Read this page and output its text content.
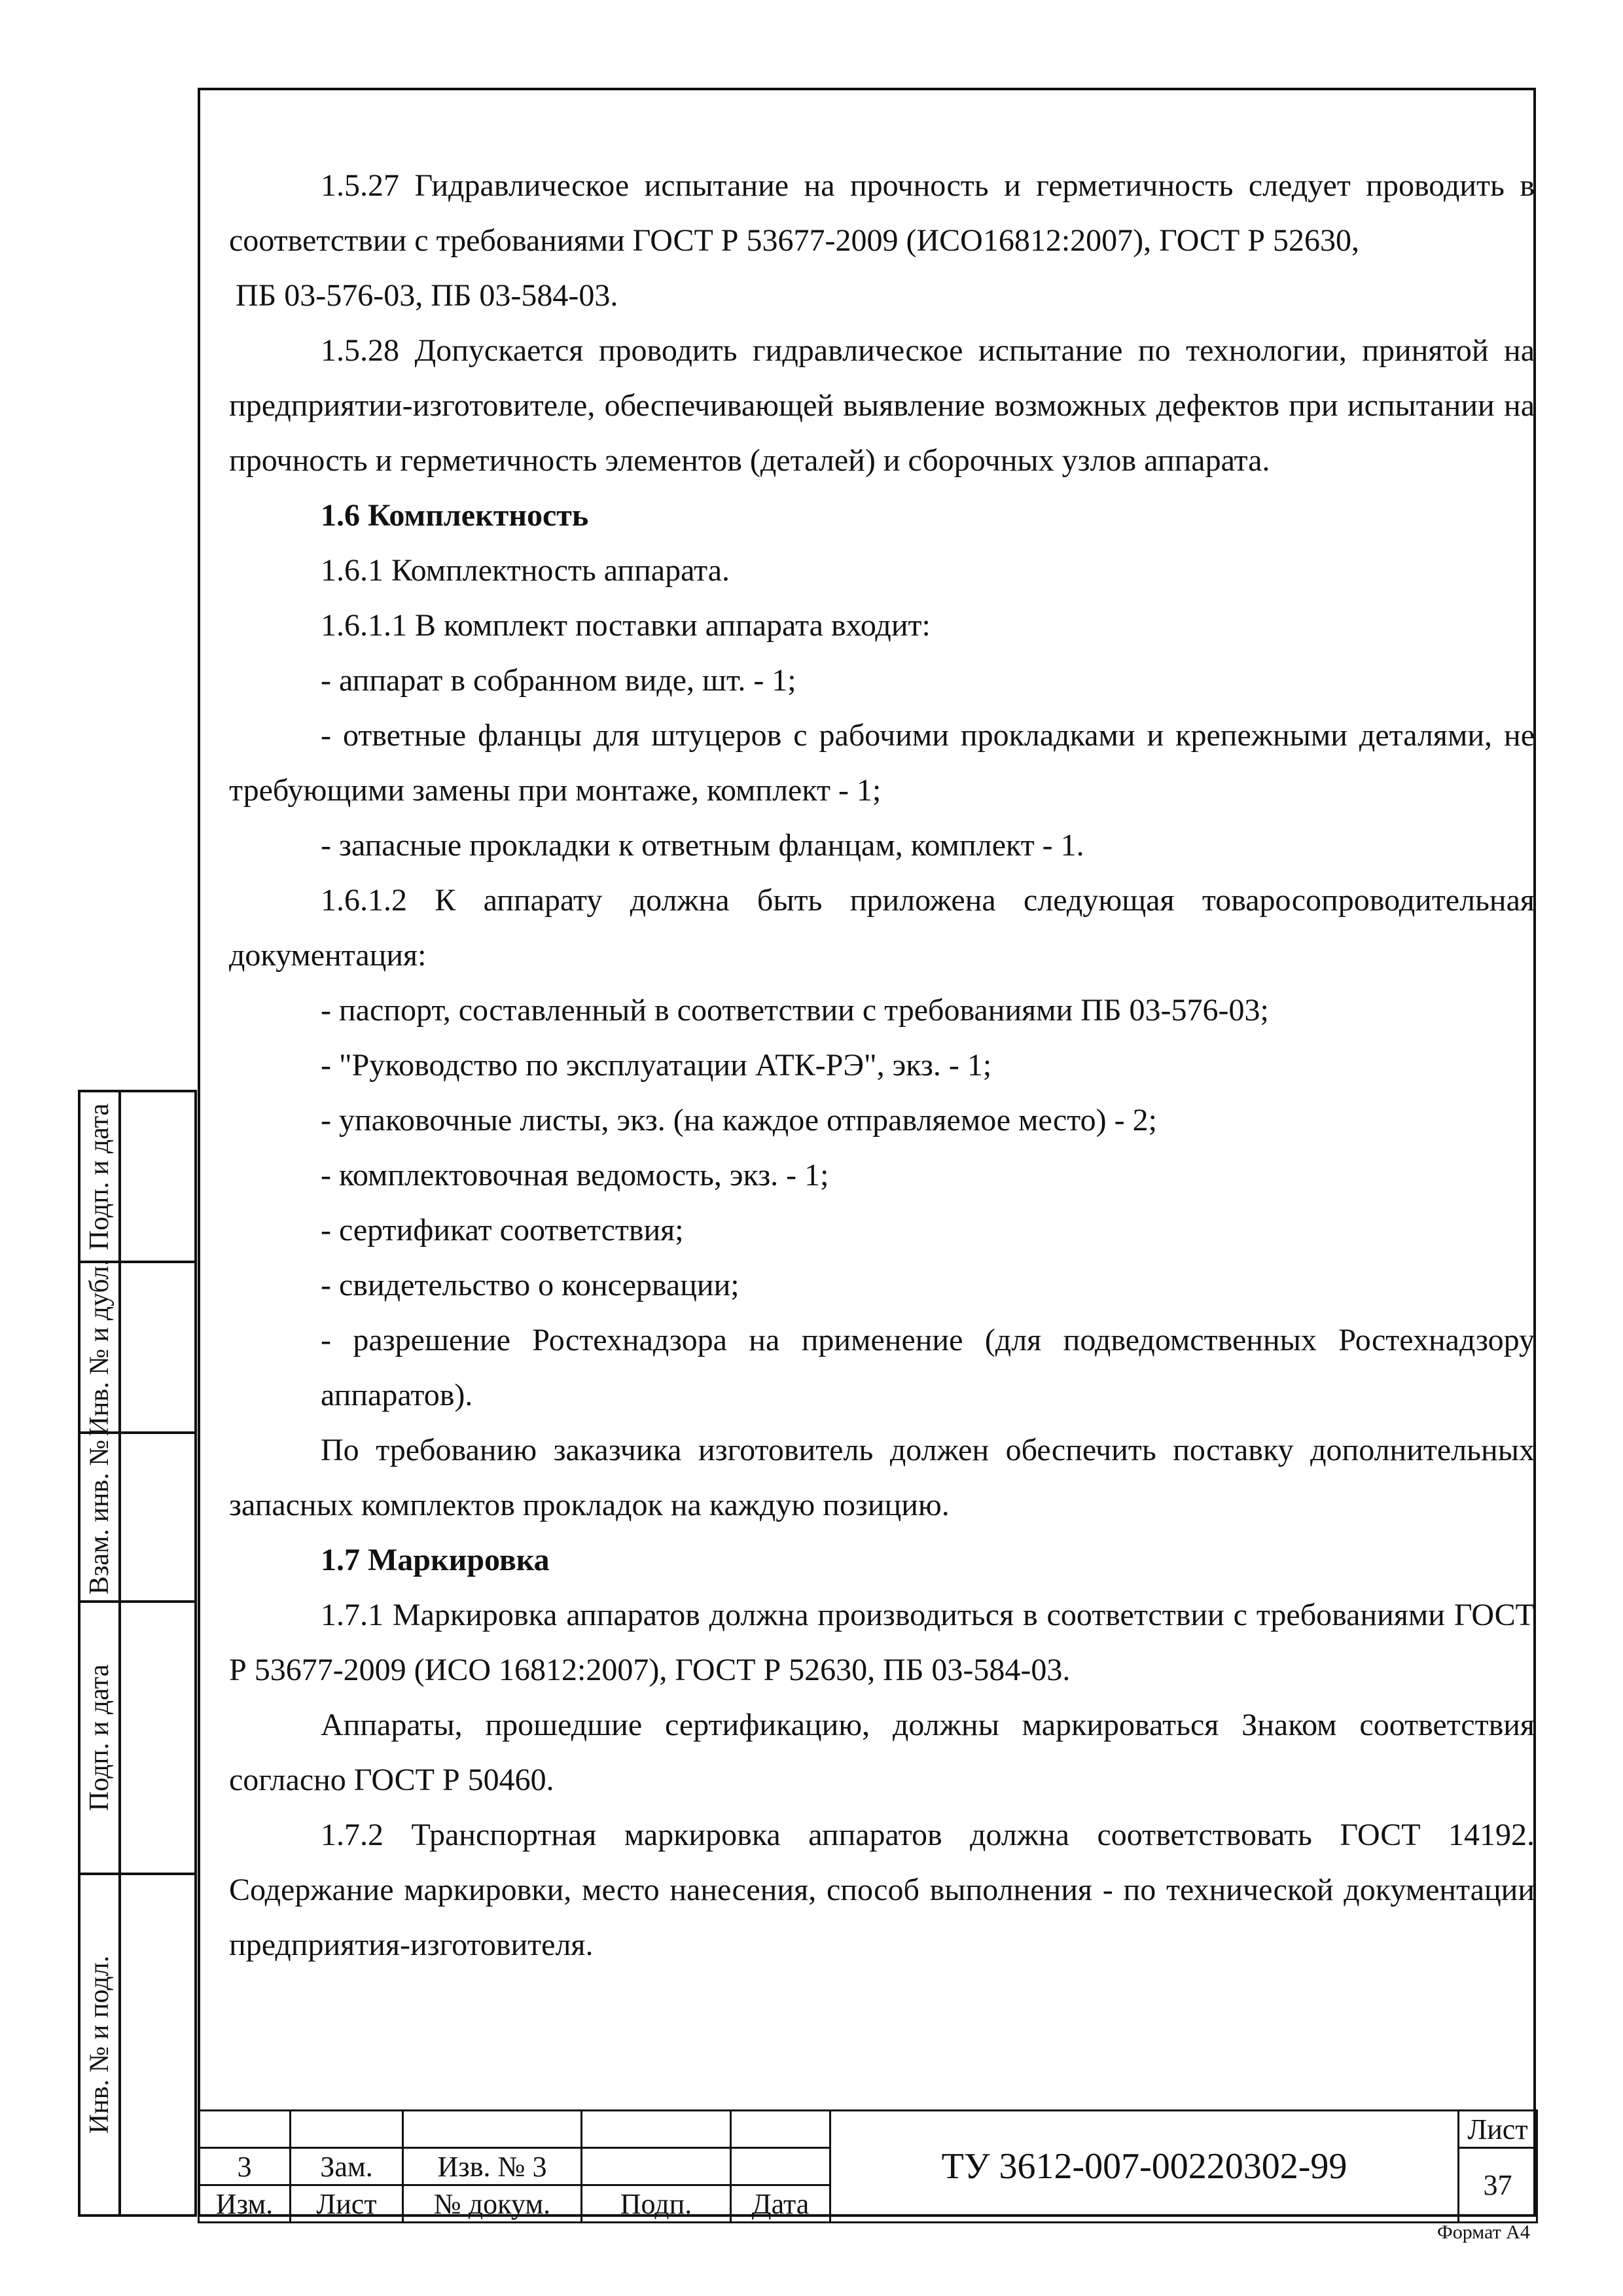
Подп. и дата
Инв. № и дубл.
Взам. инв. №
Подп. и дата
Инв. № и подл.

1.5.27 Гидравлическое испытание на прочность и герметичность следует проводить в соответствии с требованиями ГОСТ Р 53677-2009 (ИСО16812:2007), ГОСТ Р 52630,

ПБ 03-576-03, ПБ 03-584-03.

1.5.28 Допускается проводить гидравлическое испытание по технологии, принятой на предприятии-изготовителе, обеспечивающей выявление возможных дефектов при испытании на прочность и герметичность элементов (деталей) и сборочных узлов аппарата.

1.6 Комплектность

1.6.1 Комплектность аппарата.

1.6.1.1 В комплект поставки аппарата входит:

- аппарат в собранном виде, шт. - 1;

- ответные фланцы для штуцеров с рабочими прокладками и крепежными деталями, не требующими замены при монтаже, комплект - 1;

- запасные прокладки к ответным фланцам, комплект - 1.

1.6.1.2 К аппарату должна быть приложена следующая товаросопроводительная документация:

- паспорт, составленный в соответствии с требованиями ПБ 03-576-03;

- "Руководство по эксплуатации АТК-РЭ", экз. - 1;

- упаковочные листы, экз. (на каждое отправляемое место) - 2;

- комплектовочная ведомость, экз. - 1;

- сертификат соответствия;

- свидетельство о консервации;

- разрешение Ростехнадзора на применение (для подведомственных Ростехнадзору аппаратов).

По требованию заказчика изготовитель должен обеспечить поставку дополнительных запасных комплектов прокладок на каждую позицию.

1.7 Маркировка

1.7.1 Маркировка аппаратов должна производиться в соответствии с требованиями ГОСТ Р 53677-2009 (ИСО 16812:2007), ГОСТ Р 52630, ПБ 03-584-03.

Аппараты, прошедшие сертификацию, должны маркироваться Знаком соответствия согласно ГОСТ Р 50460.

1.7.2 Транспортная маркировка аппаратов должна соответствовать ГОСТ 14192. Содержание маркировки, место нанесения, способ выполнения - по технической документации предприятия-изготовителя.

					ТУ 3612-007-00220302-99	Лист
3	Зам.	Изв. № 3				37
Изм.	Лист	№ докум.	Подп.	Дата		
Формат А4
